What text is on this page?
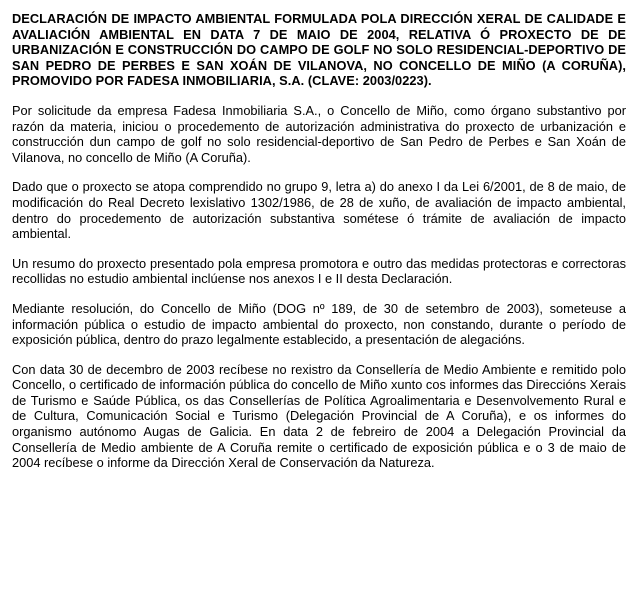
DECLARACIÓN DE IMPACTO AMBIENTAL FORMULADA POLA DIRECCIÓN XERAL DE CALIDADE E AVALIACIÓN AMBIENTAL EN DATA 7 DE MAIO DE 2004, RELATIVA Ó PROXECTO DE DE URBANIZACIÓN E CONSTRUCCIÓN DO CAMPO DE GOLF NO SOLO RESIDENCIAL-DEPORTIVO DE SAN PEDRO DE PERBES E SAN XOÁN DE VILANOVA, NO CONCELLO DE MIÑO (A CORUÑA), PROMOVIDO POR FADESA INMOBILIARIA, S.A. (CLAVE: 2003/0223).

Por solicitude da empresa Fadesa Inmobiliaria S.A., o Concello de Miño, como órgano substantivo por razón da materia, iniciou o procedemento de autorización administrativa do proxecto de urbanización e construcción dun campo de golf no solo residencial-deportivo de San Pedro de Perbes e San Xoán de Vilanova, no concello de Miño (A Coruña).

Dado que o proxecto se atopa comprendido no grupo 9, letra a) do anexo I da Lei 6/2001, de 8 de maio, de modificación do Real Decreto lexislativo 1302/1986, de 28 de xuño, de avaliación de impacto ambiental, dentro do procedemento de autorización substantiva sométese ó trámite de avaliación de impacto ambiental.

Un resumo do proxecto presentado pola empresa promotora e outro das medidas protectoras e correctoras recollidas no estudio ambiental inclúense nos anexos I e II desta Declaración.

Mediante resolución, do Concello de Miño (DOG nº 189, de 30 de setembro de 2003), someteuse a información pública o estudio de impacto ambiental do proxecto, non constando, durante o período de exposición pública, dentro do prazo legalmente establecido, a presentación de alegacións.

Con data 30 de decembro de 2003 recíbese no rexistro da Consellería de Medio Ambiente e remitido polo Concello, o certificado de información pública do concello de Miño xunto cos informes das Direccións Xerais de Turismo e Saúde Pública, os das Consellerías de Política Agroalimentaria e Desenvolvemento Rural e de Cultura, Comunicación Social e Turismo (Delegación Provincial de A Coruña), e os informes do organismo autónomo Augas de Galicia. En data 2 de febreiro de 2004 a Delegación Provincial da Consellería de Medio ambiente de A Coruña remite o certificado de exposición pública e o 3 de maio de 2004 recíbese o informe da Dirección Xeral de Conservación da Natureza.
